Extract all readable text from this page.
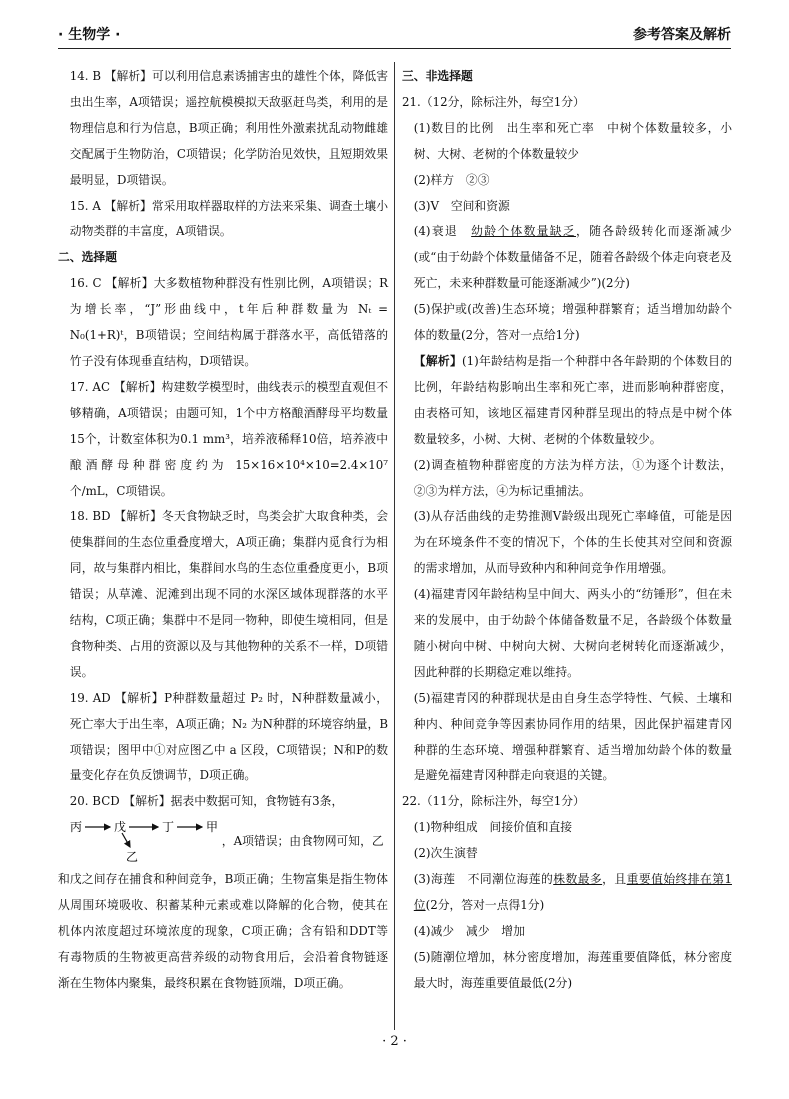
· 生物学 ·	参考答案及解析

14. B 【解析】可以利用信息素诱捕害虫的雄性个体，降低害虫出生率，A项错误；遥控航模模拟天敌驱赶鸟类，利用的是物理信息和行为信息，B项正确；利用性外激素扰乱动物雌雄交配属于生物防治，C项错误；化学防治见效快，且短期效果最明显，D项错误。

15. A 【解析】常采用取样器取样的方法来采集、调查土壤小动物类群的丰富度，A项错误。

二、选择题

16. C 【解析】大多数植物种群没有性别比例，A项错误；R为增长率，“J”形曲线中，t年后种群数量为 Nₜ = N₀(1+R)ᵗ，B项错误；空间结构属于群落水平，高低错落的竹子没有体现垂直结构，D项错误。

17. AC 【解析】构建数学模型时，曲线表示的模型直观但不够精确，A项错误；由题可知，1个中方格酿酒酵母平均数量15个，计数室体积为0.1 mm³，培养液稀释10倍，培养液中酿酒酵母种群密度约为 15×16×10⁴×10=2.4×10⁷ 个/mL，C项错误。

18. BD 【解析】冬天食物缺乏时，鸟类会扩大取食种类，会使集群间的生态位重叠度增大，A项正确；集群内觅食行为相同，故与集群内相比，集群间水鸟的生态位重叠度更小，B项错误；从草滩、泥滩到出现不同的水深区域体现群落的水平结构，C项正确；集群中不是同一物种，即使生境相同，但是食物种类、占用的资源以及与其他物种的关系不一样，D项错误。

19. AD 【解析】P种群数量超过 P₂ 时，N种群数量减小，死亡率大于出生率，A项正确；N₂ 为N种群的环境容纳量，B项错误；图甲中①对应图乙中 a 区段，C项错误；N和P的数量变化存在负反馈调节，D项正确。

20. BCD 【解析】据表中数据可知，食物链有3条，

丙	戊	丁	甲
乙
，A项错误；由食物网可知，乙

和戊之间存在捕食和种间竞争，B项正确；生物富集是指生物体从周围环境吸收、积蓄某种元素或难以降解的化合物，使其在机体内浓度超过环境浓度的现象，C项正确；含有铅和DDT等有毒物质的生物被更高营养级的动物食用后，会沿着食物链逐渐在生物体内聚集，最终积累在食物链顶端，D项正确。

三、非选择题

21.（12分，除标注外，每空1分）

(1)数目的比例　出生率和死亡率　中树个体数量较多，小树、大树、老树的个体数量较少

(2)样方　②③

(3)Ⅴ　空间和资源

(4)衰退　幼龄个体数量缺乏，随各龄级转化而逐渐减少(或“由于幼龄个体数量储备不足，随着各龄级个体走向衰老及死亡，未来种群数量可能逐渐减少”)(2分)

(5)保护或(改善)生态环境；增强种群繁育；适当增加幼龄个体的数量(2分，答对一点给1分)

【解析】(1)年龄结构是指一个种群中各年龄期的个体数目的比例，年龄结构影响出生率和死亡率，进而影响种群密度，由表格可知，该地区福建青冈种群呈现出的特点是中树个体数量较多，小树、大树、老树的个体数量较少。

(2)调查植物种群密度的方法为样方法，①为逐个计数法，②③为样方法，④为标记重捕法。

(3)从存活曲线的走势推测Ⅴ龄级出现死亡率峰值，可能是因为在环境条件不变的情况下，个体的生长使其对空间和资源的需求增加，从而导致种内和种间竞争作用增强。

(4)福建青冈年龄结构呈中间大、两头小的“纺锤形”，但在未来的发展中，由于幼龄个体储备数量不足，各龄级个体数量随小树向中树、中树向大树、大树向老树转化而逐渐减少，因此种群的长期稳定难以维持。

(5)福建青冈的种群现状是由自身生态学特性、气候、土壤和种内、种间竞争等因素协同作用的结果，因此保护福建青冈种群的生态环境、增强种群繁育、适当增加幼龄个体的数量是避免福建青冈种群走向衰退的关键。

22.（11分，除标注外，每空1分）

(1)物种组成　间接价值和直接

(2)次生演替

(3)海莲　不同潮位海莲的株数最多，且重要值始终排在第1位(2分，答对一点得1分)

(4)减少　减少　增加

(5)随潮位增加，林分密度增加，海莲重要值降低，林分密度最大时，海莲重要值最低(2分)

· 2 ·
